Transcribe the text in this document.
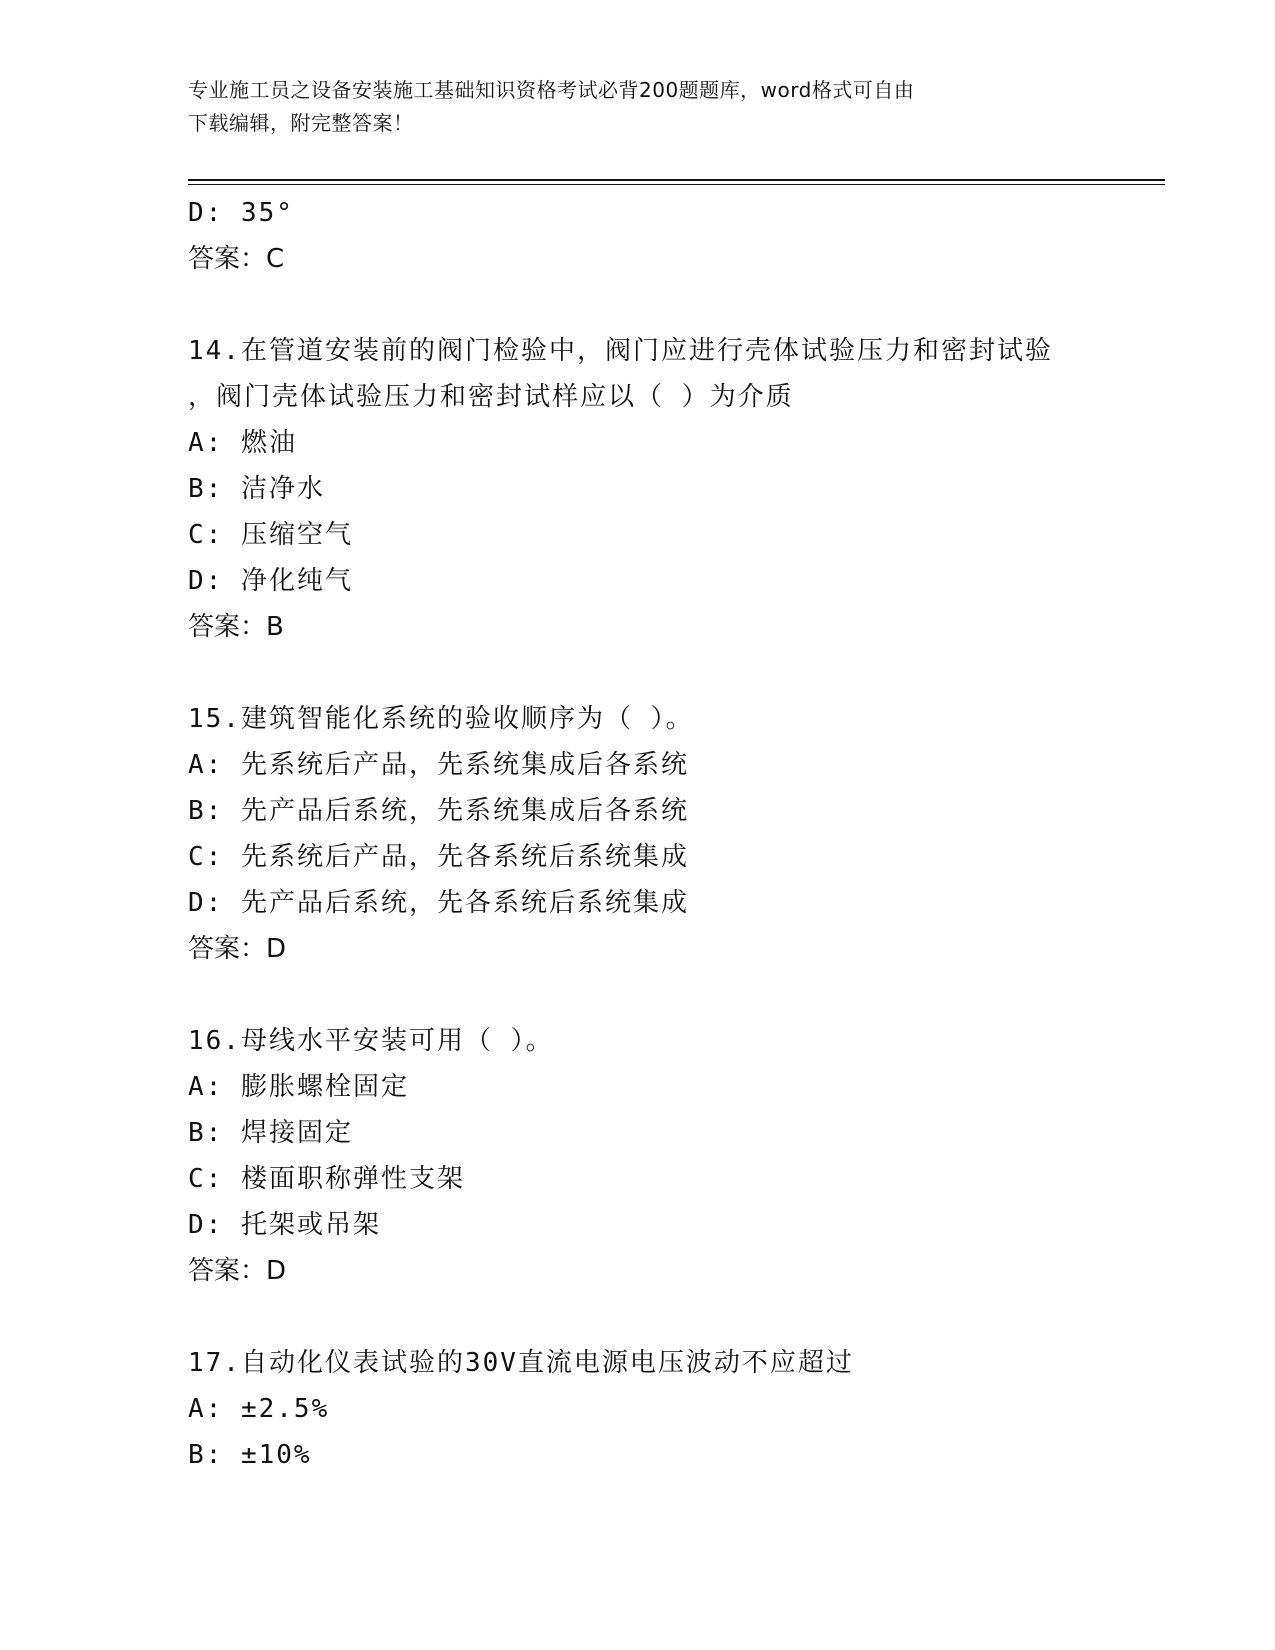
专业施工员之设备安装施工基础知识资格考试必背200题题库，word格式可自由
下载编辑，附完整答案！
D: 35°
答案：C
14.在管道安装前的阀门检验中，阀门应进行壳体试验压力和密封试验
，阀门壳体试验压力和密封试样应以（ ）为介质
A: 燃油
B: 洁净水
C: 压缩空气
D: 净化纯气
答案：B
15.建筑智能化系统的验收顺序为（ ）。
A: 先系统后产品，先系统集成后各系统
B: 先产品后系统，先系统集成后各系统
C: 先系统后产品，先各系统后系统集成
D: 先产品后系统，先各系统后系统集成
答案：D
16.母线水平安装可用（ ）。
A: 膨胀螺栓固定
B: 焊接固定
C: 楼面职称弹性支架
D: 托架或吊架
答案：D
17.自动化仪表试验的30V直流电源电压波动不应超过
A: ±2.5%
B: ±10%
